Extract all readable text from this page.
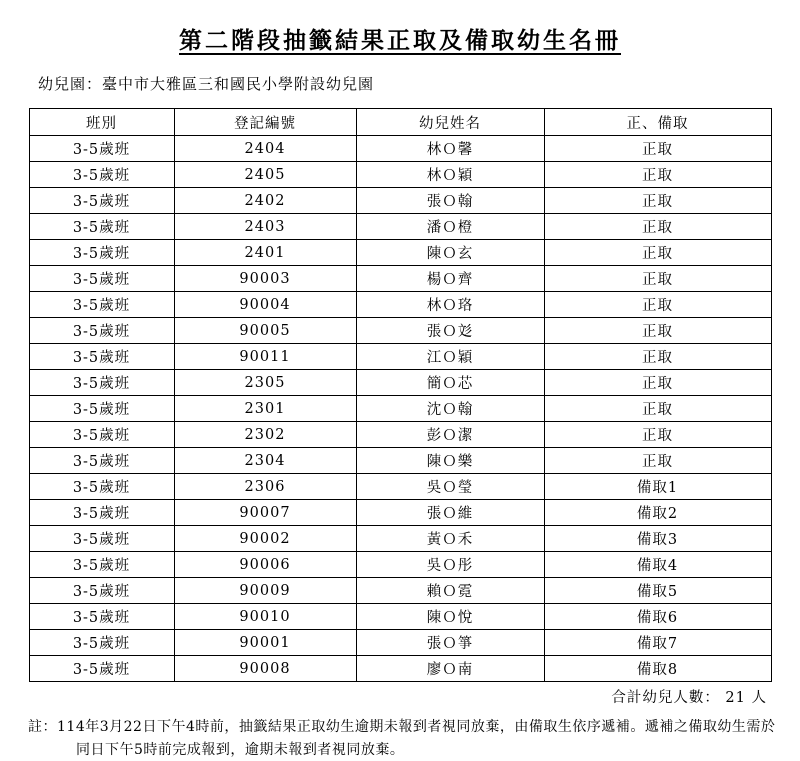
第二階段抽籤結果正取及備取幼生名冊
幼兒園：臺中市大雅區三和國民小學附設幼兒園
班別	登記編號	幼兒姓名	正、備取
3-5歲班	2404	林Ｏ馨	正取
3-5歲班	2405	林Ｏ穎	正取
3-5歲班	2402	張Ｏ翰	正取
3-5歲班	2403	潘Ｏ橙	正取
3-5歲班	2401	陳Ｏ玄	正取
3-5歲班	90003	楊Ｏ齊	正取
3-5歲班	90004	林Ｏ珞	正取
3-5歲班	90005	張Ｏ彣	正取
3-5歲班	90011	江Ｏ穎	正取
3-5歲班	2305	簡Ｏ芯	正取
3-5歲班	2301	沈Ｏ翰	正取
3-5歲班	2302	彭Ｏ潔	正取
3-5歲班	2304	陳Ｏ樂	正取
3-5歲班	2306	吳Ｏ瑩	備取1
3-5歲班	90007	張Ｏ維	備取2
3-5歲班	90002	黃Ｏ禾	備取3
3-5歲班	90006	吳Ｏ彤	備取4
3-5歲班	90009	賴Ｏ霓	備取5
3-5歲班	90010	陳Ｏ悅	備取6
3-5歲班	90001	張Ｏ箏	備取7
3-5歲班	90008	廖Ｏ南	備取8
合計幼兒人數： 21 人
註：114年3月22日下午4時前，抽籤結果正取幼生逾期未報到者視同放棄，由備取生依序遞補。遞補之備取幼生需於
同日下午5時前完成報到，逾期未報到者視同放棄。
